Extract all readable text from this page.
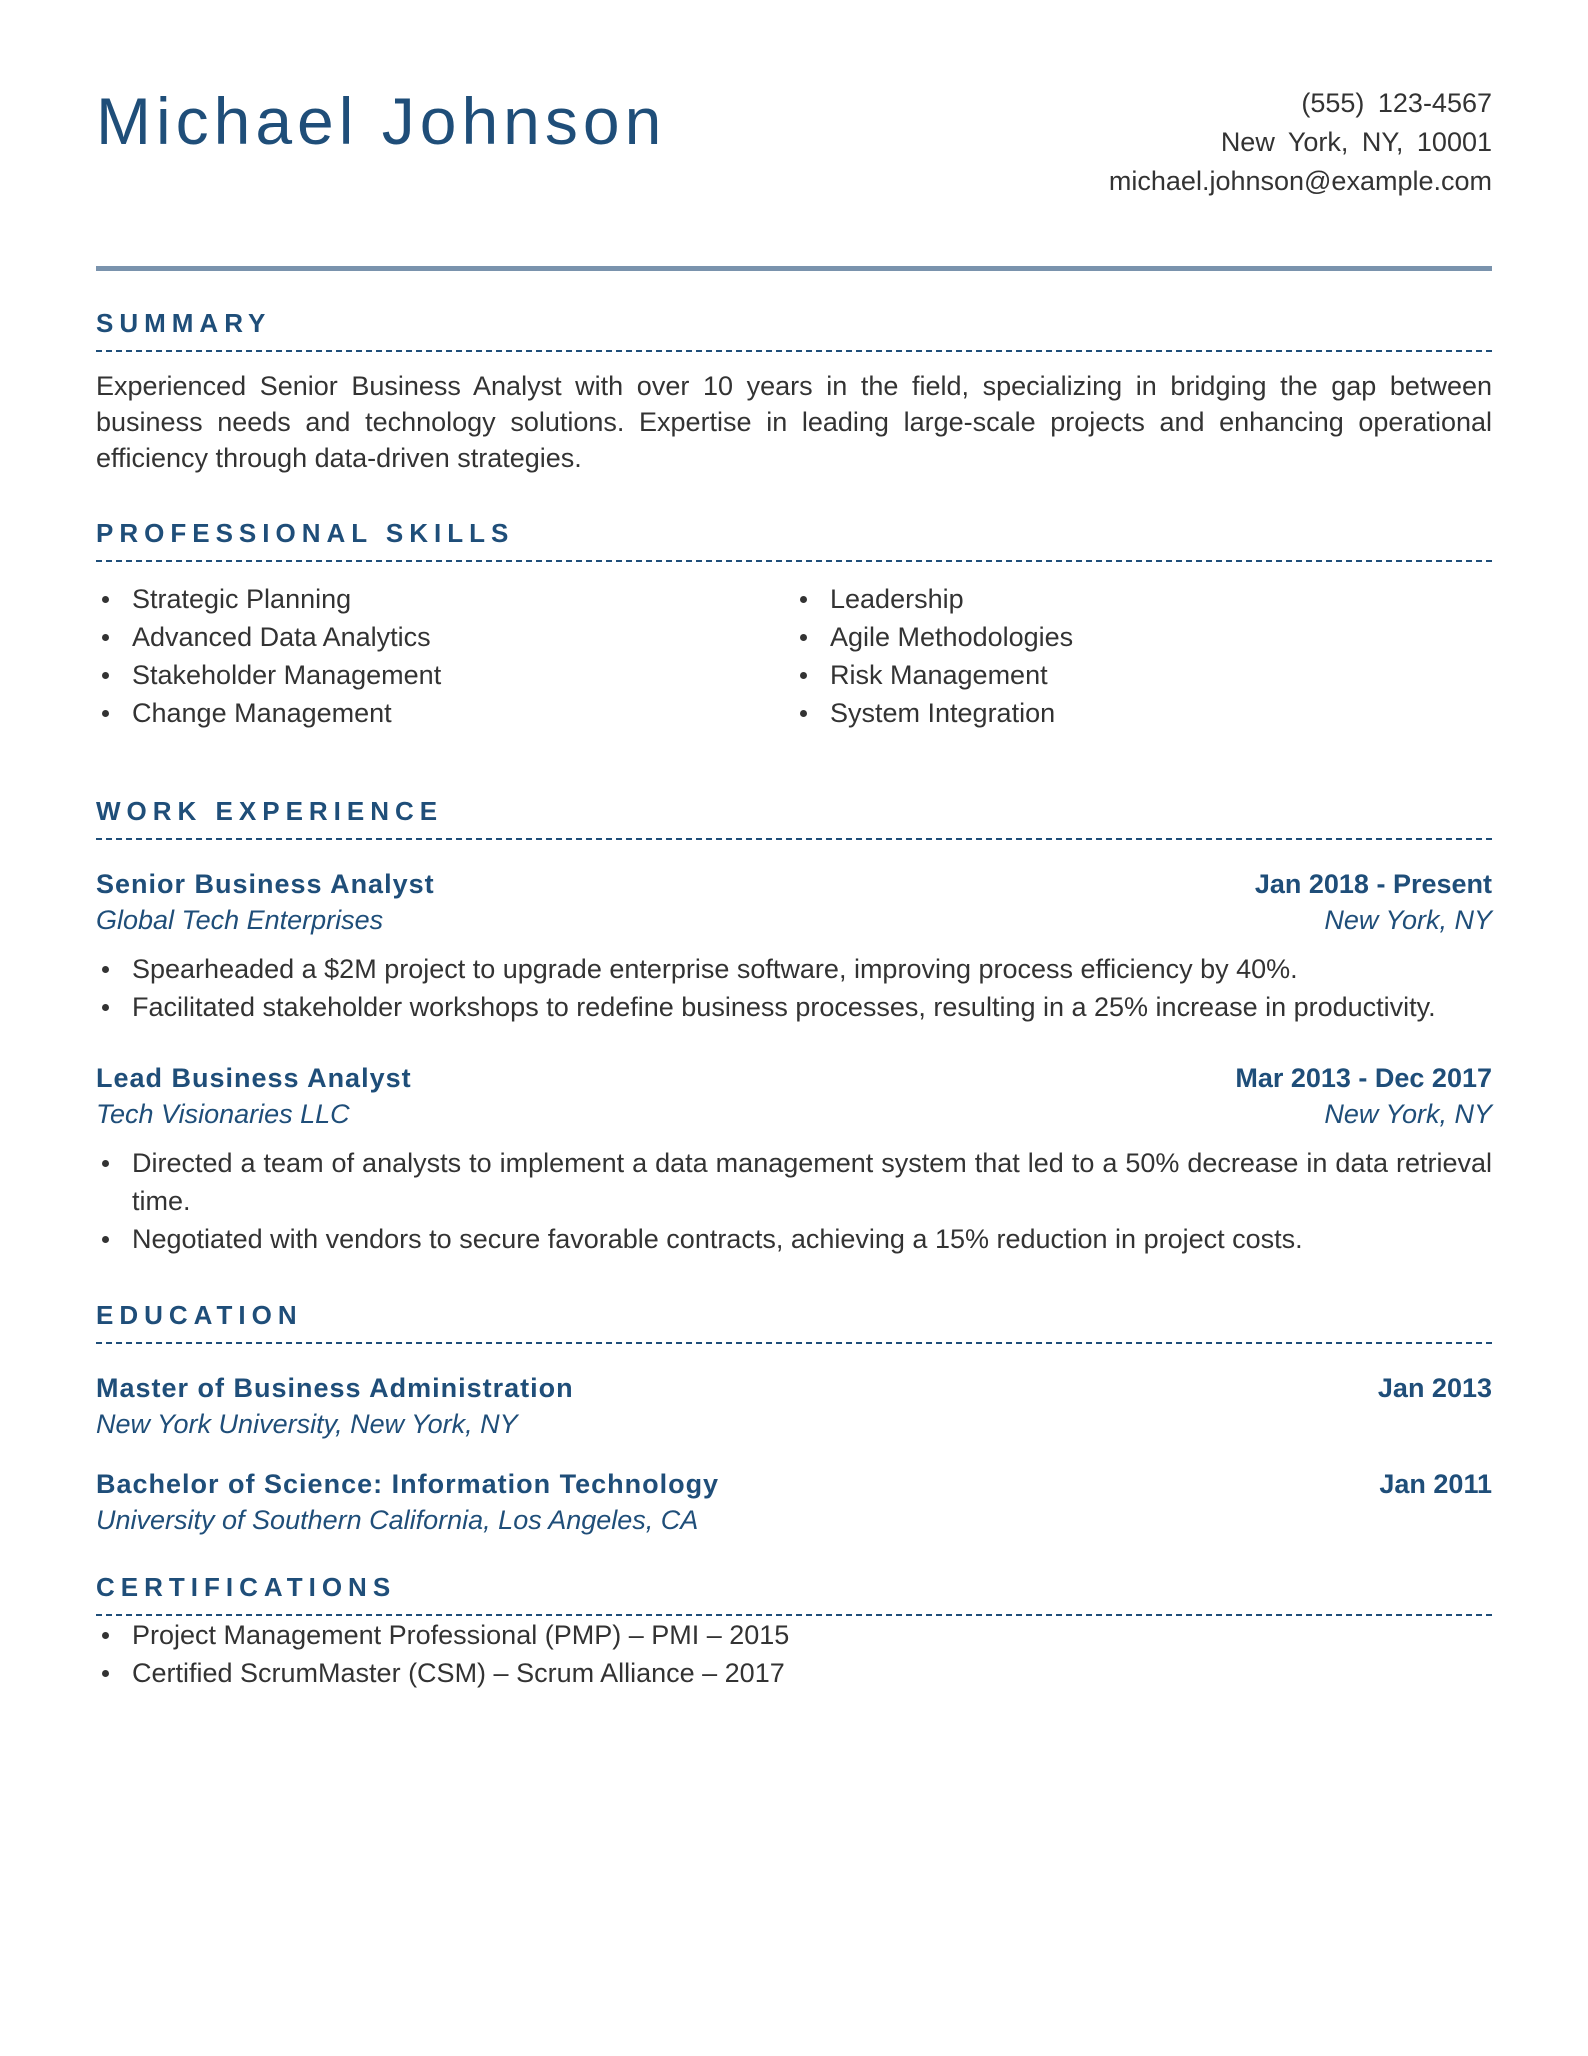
Michael Johnson	(555) 123-4567
New York, NY, 10001
michael.johnson@example.com
SUMMARY

Experienced Senior Business Analyst with over 10 years in the field, specializing in bridging the gap between business needs and technology solutions. Expertise in leading large-scale projects and enhancing operational efficiency through data-driven strategies.

PROFESSIONAL SKILLS
Strategic Planning
Advanced Data Analytics
Stakeholder Management
Change Management
Leadership
Agile Methodologies
Risk Management
System Integration
WORK EXPERIENCE
Senior Business Analyst	Jan 2018 - Present
Global Tech Enterprises	New York, NY
Spearheaded a $2M project to upgrade enterprise software, improving process efficiency by 40%.
Facilitated stakeholder workshops to redefine business processes, resulting in a 25% increase in productivity.
Lead Business Analyst	Mar 2013 - Dec 2017
Tech Visionaries LLC	New York, NY
Directed a team of analysts to implement a data management system that led to a 50% decrease in data retrieval time.
Negotiated with vendors to secure favorable contracts, achieving a 15% reduction in project costs.
EDUCATION
Master of Business Administration	Jan 2013
New York University, New York, NY
Bachelor of Science: Information Technology	Jan 2011
University of Southern California, Los Angeles, CA
CERTIFICATIONS
Project Management Professional (PMP) – PMI – 2015
Certified ScrumMaster (CSM) – Scrum Alliance – 2017
